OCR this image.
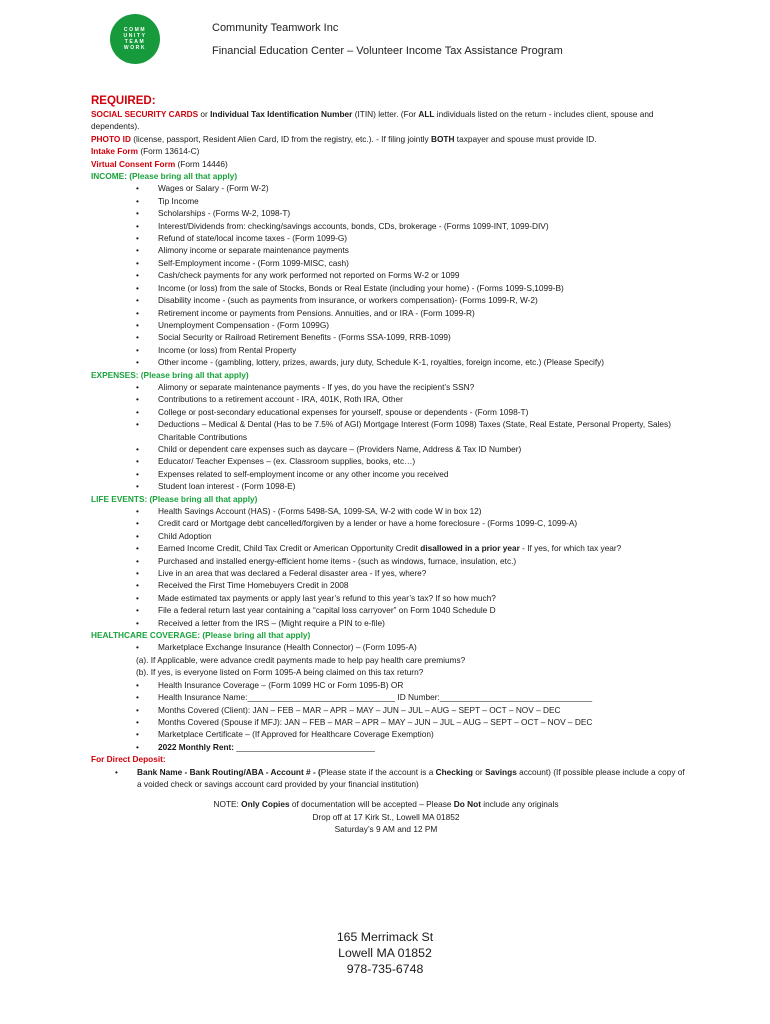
COMM
UNITY
TEAM
WORK
Community Teamwork Inc
Financial Education Center – Volunteer Income Tax Assistance Program

REQUIRED:

SOCIAL SECURITY CARDS or Individual Tax Identification Number (ITIN) letter. (For ALL individuals listed on the return - includes client, spouse and dependents).

PHOTO ID (license, passport, Resident Alien Card, ID from the registry, etc.). - If filing jointly BOTH taxpayer and spouse must provide ID.

Intake Form (Form 13614-C)

Virtual Consent Form (Form 14446)

INCOME: (Please bring all that apply)

• Wages or Salary - (Form W-2)
• Tip Income
• Scholarships - (Forms W-2, 1098-T)
• Interest/Dividends from: checking/savings accounts, bonds, CDs, brokerage - (Forms 1099-INT, 1099-DIV)
• Refund of state/local income taxes - (Form 1099-G)
• Alimony income or separate maintenance payments
• Self-Employment income - (Form 1099-MISC, cash)
• Cash/check payments for any work performed not reported on Forms W-2 or 1099
• Income (or loss) from the sale of Stocks, Bonds or Real Estate (including your home) - (Forms 1099-S,1099-B)
• Disability income - (such as payments from insurance, or workers compensation)- (Forms 1099-R, W-2)
• Retirement income or payments from Pensions. Annuities, and or IRA - (Form 1099-R)
• Unemployment Compensation - (Form 1099G)
• Social Security or Railroad Retirement Benefits - (Forms SSA-1099, RRB-1099)
• Income (or loss) from Rental Property
• Other income - (gambling, lottery, prizes, awards, jury duty, Schedule K-1, royalties, foreign income, etc.) (Please Specify)

EXPENSES: (Please bring all that apply)

• Alimony or separate maintenance payments - If yes, do you have the recipient’s SSN?
• Contributions to a retirement account - IRA, 401K, Roth IRA, Other
• College or post-secondary educational expenses for yourself, spouse or dependents - (Form 1098-T)
• Deductions – Medical & Dental (Has to be 7.5% of AGI) Mortgage Interest (Form 1098) Taxes (State, Real Estate, Personal Property, Sales) Charitable Contributions
• Child or dependent care expenses such as daycare – (Providers Name, Address & Tax ID Number)
• Educator/ Teacher Expenses – (ex. Classroom supplies, books, etc…)
• Expenses related to self-employment income or any other income you received
• Student loan interest - (Form 1098-E)

LIFE EVENTS: (Please bring all that apply)

• Health Savings Account (HAS) - (Forms 5498-SA, 1099-SA, W-2 with code W in box 12)
• Credit card or Mortgage debt cancelled/forgiven by a lender or have a home foreclosure - (Forms 1099-C, 1099-A)
• Child Adoption
• Earned Income Credit, Child Tax Credit or American Opportunity Credit disallowed in a prior year - If yes, for which tax year?
• Purchased and installed energy-efficient home items - (such as windows, furnace, insulation, etc.)
• Live in an area that was declared a Federal disaster area - If yes, where?
• Received the First Time Homebuyers Credit in 2008
• Made estimated tax payments or apply last year’s refund to this year’s tax? If so how much?
• File a federal return last year containing a “capital loss carryover” on Form 1040 Schedule D
• Received a letter from the IRS – (Might require a PIN to e-file)

HEALTHCARE COVERAGE: (Please bring all that apply)

• Marketplace Exchange Insurance (Health Connector) – (Form 1095-A)

(a). If Applicable, were advance credit payments made to help pay health care premiums?

(b). If yes, is everyone listed on Form 1095-A being claimed on this tax return?

• Health Insurance Coverage – (Form 1099 HC or Form 1095-B) OR
• Health Insurance Name:________________________________ ID Number:_________________________________
• Months Covered (Client): JAN – FEB – MAR – APR – MAY – JUN – JUL – AUG – SEPT – OCT – NOV – DEC
• Months Covered (Spouse if MFJ): JAN – FEB – MAR – APR – MAY – JUN – JUL – AUG – SEPT – OCT – NOV – DEC
• Marketplace Certificate – (If Approved for Healthcare Coverage Exemption)
• 2022 Monthly Rent: ______________________________

For Direct Deposit:

• Bank Name - Bank Routing/ABA - Account # - (Please state if the account is a Checking or Savings account) (If possible please include a copy of a voided check or savings account card provided by your financial institution)

NOTE: Only Copies of documentation will be accepted – Please Do Not include any originals

Drop off at 17 Kirk St., Lowell MA 01852

Saturday’s 9 AM and 12 PM

165 Merrimack St
Lowell MA 01852
978-735-6748
